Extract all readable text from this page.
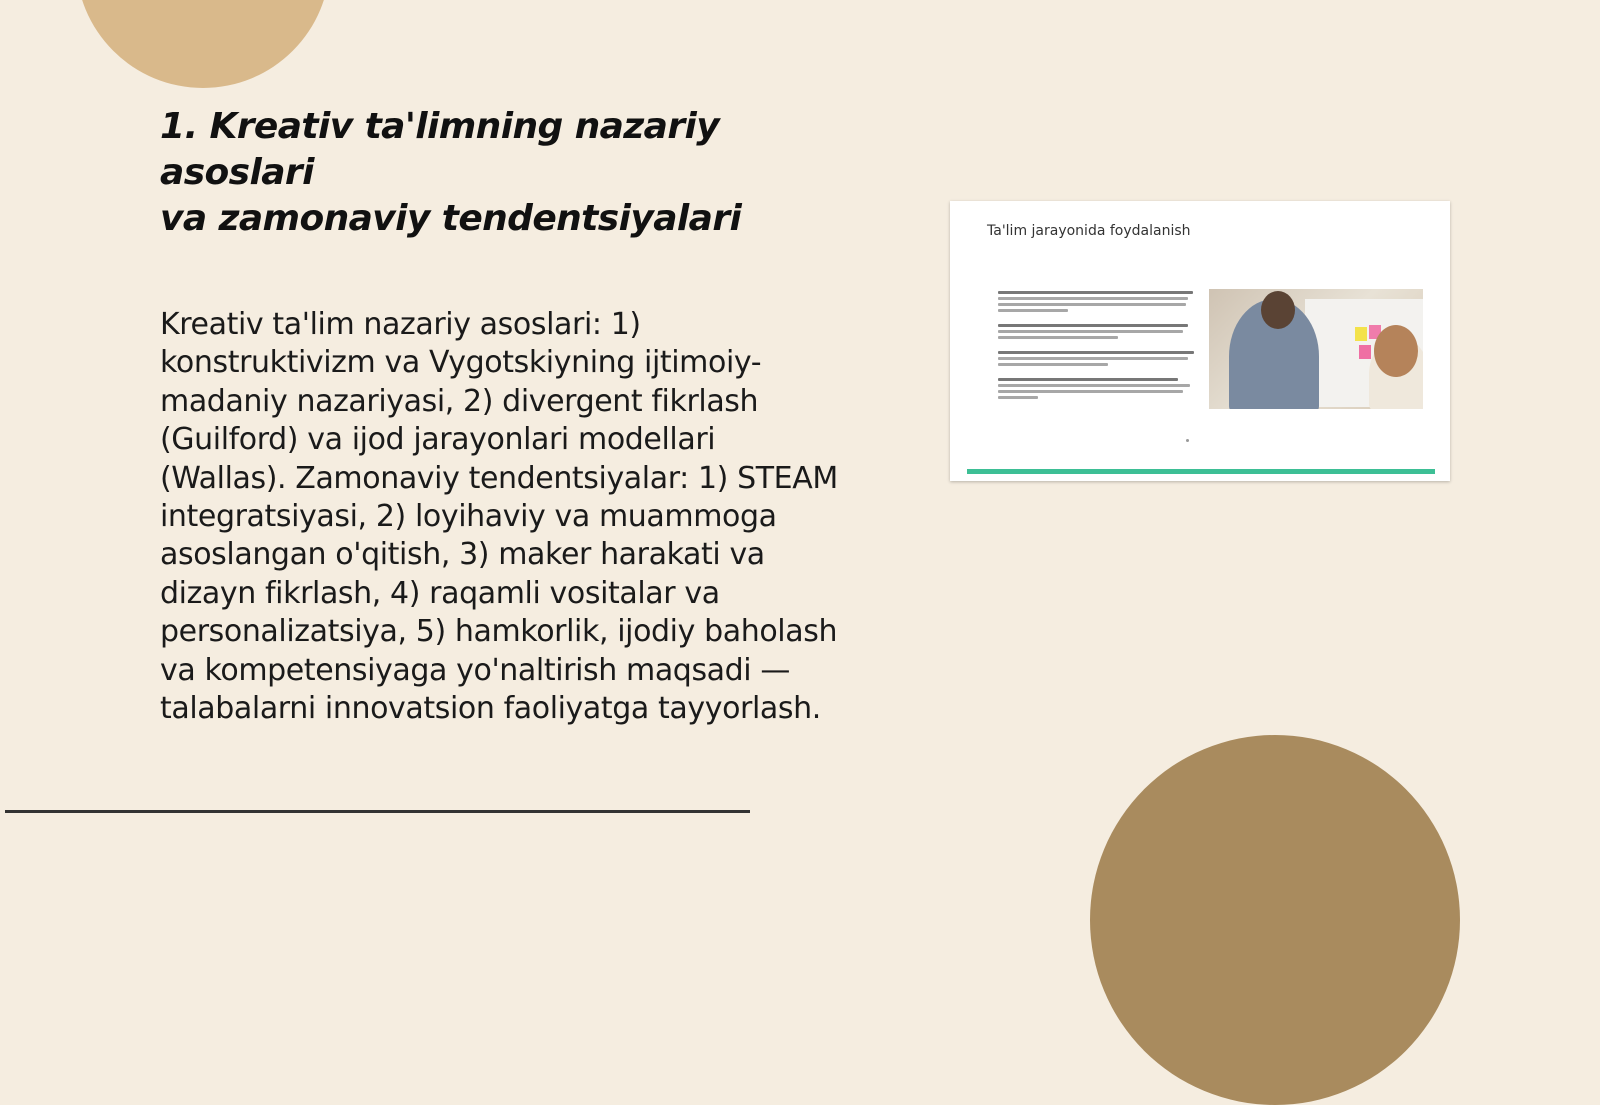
1. Kreativ ta'limning nazariy asoslari
va zamonaviy tendentsiyalari

Kreativ ta'lim nazariy asoslari: 1) konstruktivizm va Vygotskiyning ijtimoiy-madaniy nazariyasi, 2) divergent fikrlash (Guilford) va ijod jarayonlari modellari (Wallas). Zamonaviy tendentsiyalar: 1) STEAM integratsiyasi, 2) loyihaviy va muammoga asoslangan o'qitish, 3) maker harakati va dizayn fikrlash, 4) raqamli vositalar va personalizatsiya, 5) hamkorlik, ijodiy baholash va kompetensiyaga yo'naltirish maqsadi — talabalarni innovatsion faoliyatga tayyorlash.

Ta'lim jarayonida foydalanish
